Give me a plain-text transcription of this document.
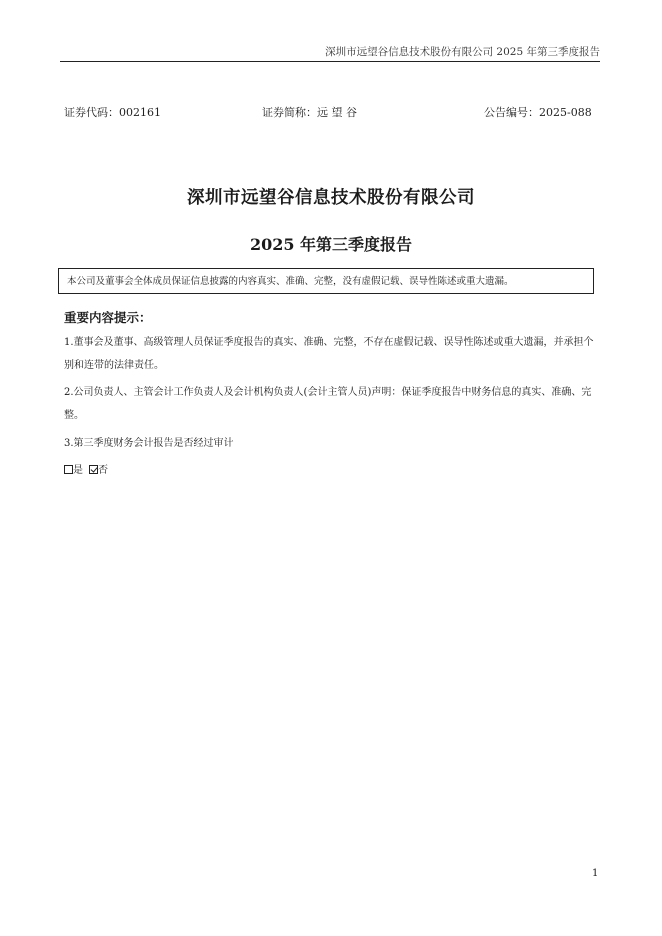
深圳市远望谷信息技术股份有限公司 2025 年第三季度报告
证券代码：002161	证券简称：远 望 谷	公告编号：2025-088
深圳市远望谷信息技术股份有限公司
2025 年第三季度报告
本公司及董事会全体成员保证信息披露的内容真实、准确、完整，没有虚假记载、误导性陈述或重大遗漏。
重要内容提示：
1.董事会及董事、高级管理人员保证季度报告的真实、准确、完整，不存在虚假记载、误导性陈述或重大遗漏，并承担个别和连带的法律责任。
2.公司负责人、主管会计工作负责人及会计机构负责人(会计主管人员)声明：保证季度报告中财务信息的真实、准确、完整。
3.第三季度财务会计报告是否经过审计
是 否
1
